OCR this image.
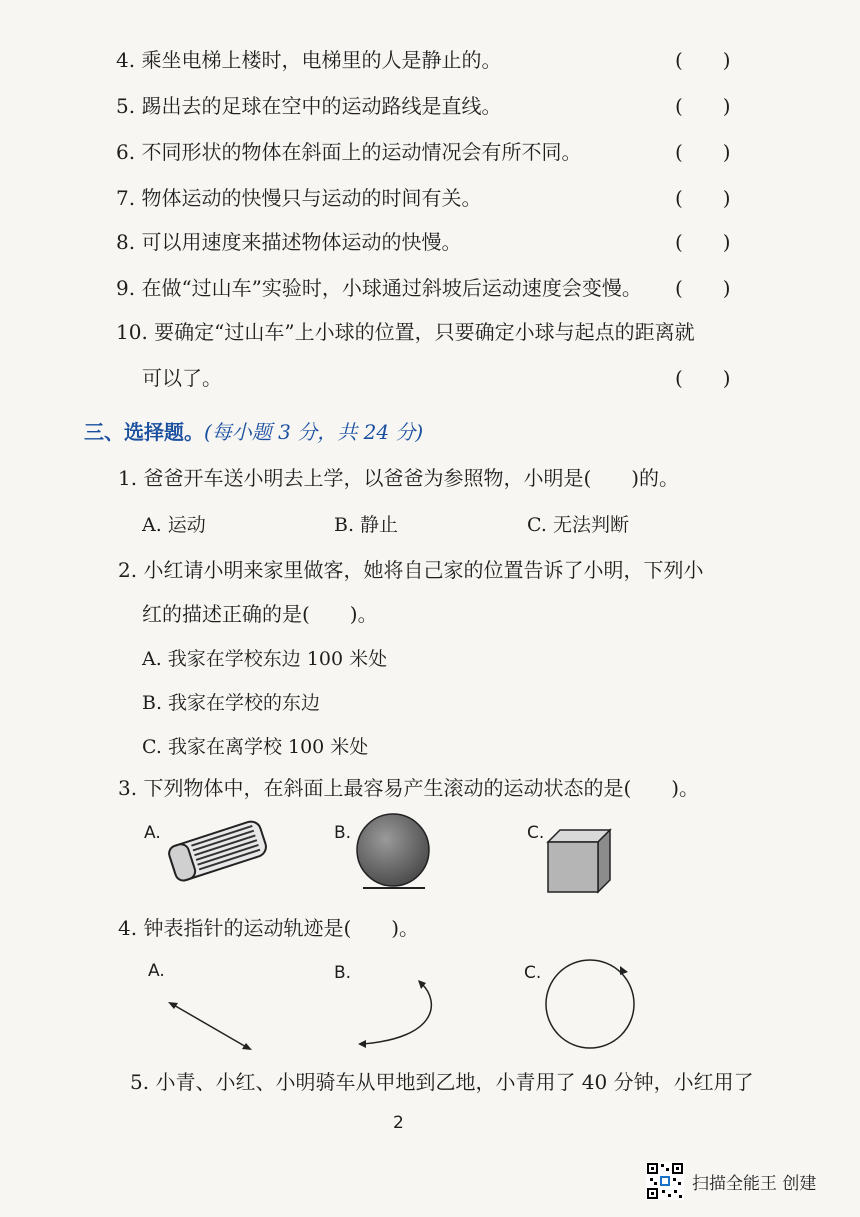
4. 乘坐电梯上楼时，电梯里的人是静止的。	(　　)
5. 踢出去的足球在空中的运动路线是直线。	(　　)
6. 不同形状的物体在斜面上的运动情况会有所不同。	(　　)
7. 物体运动的快慢只与运动的时间有关。	(　　)
8. 可以用速度来描述物体运动的快慢。	(　　)
9. 在做“过山车”实验时，小球通过斜坡后运动速度会变慢。 (　　)
10. 要确定“过山车”上小球的位置，只要确定小球与起点的距离就
可以了。	(　　)
三、选择题。(每小题 3 分，共 24 分)
1. 爸爸开车送小明去上学，以爸爸为参照物，小明是(　　)的。
A. 运动	B. 静止	C. 无法判断
2. 小红请小明来家里做客，她将自己家的位置告诉了小明，下列小
红的描述正确的是(　　)。
A. 我家在学校东边 100 米处
B. 我家在学校的东边
C. 我家在离学校 100 米处
3. 下列物体中，在斜面上最容易产生滚动的运动状态的是(　　)。
A.	B.	C.
4. 钟表指针的运动轨迹是(　　)。
A.	B.	C.
5. 小青、小红、小明骑车从甲地到乙地，小青用了 40 分钟，小红用了
2
扫描全能王 创建
